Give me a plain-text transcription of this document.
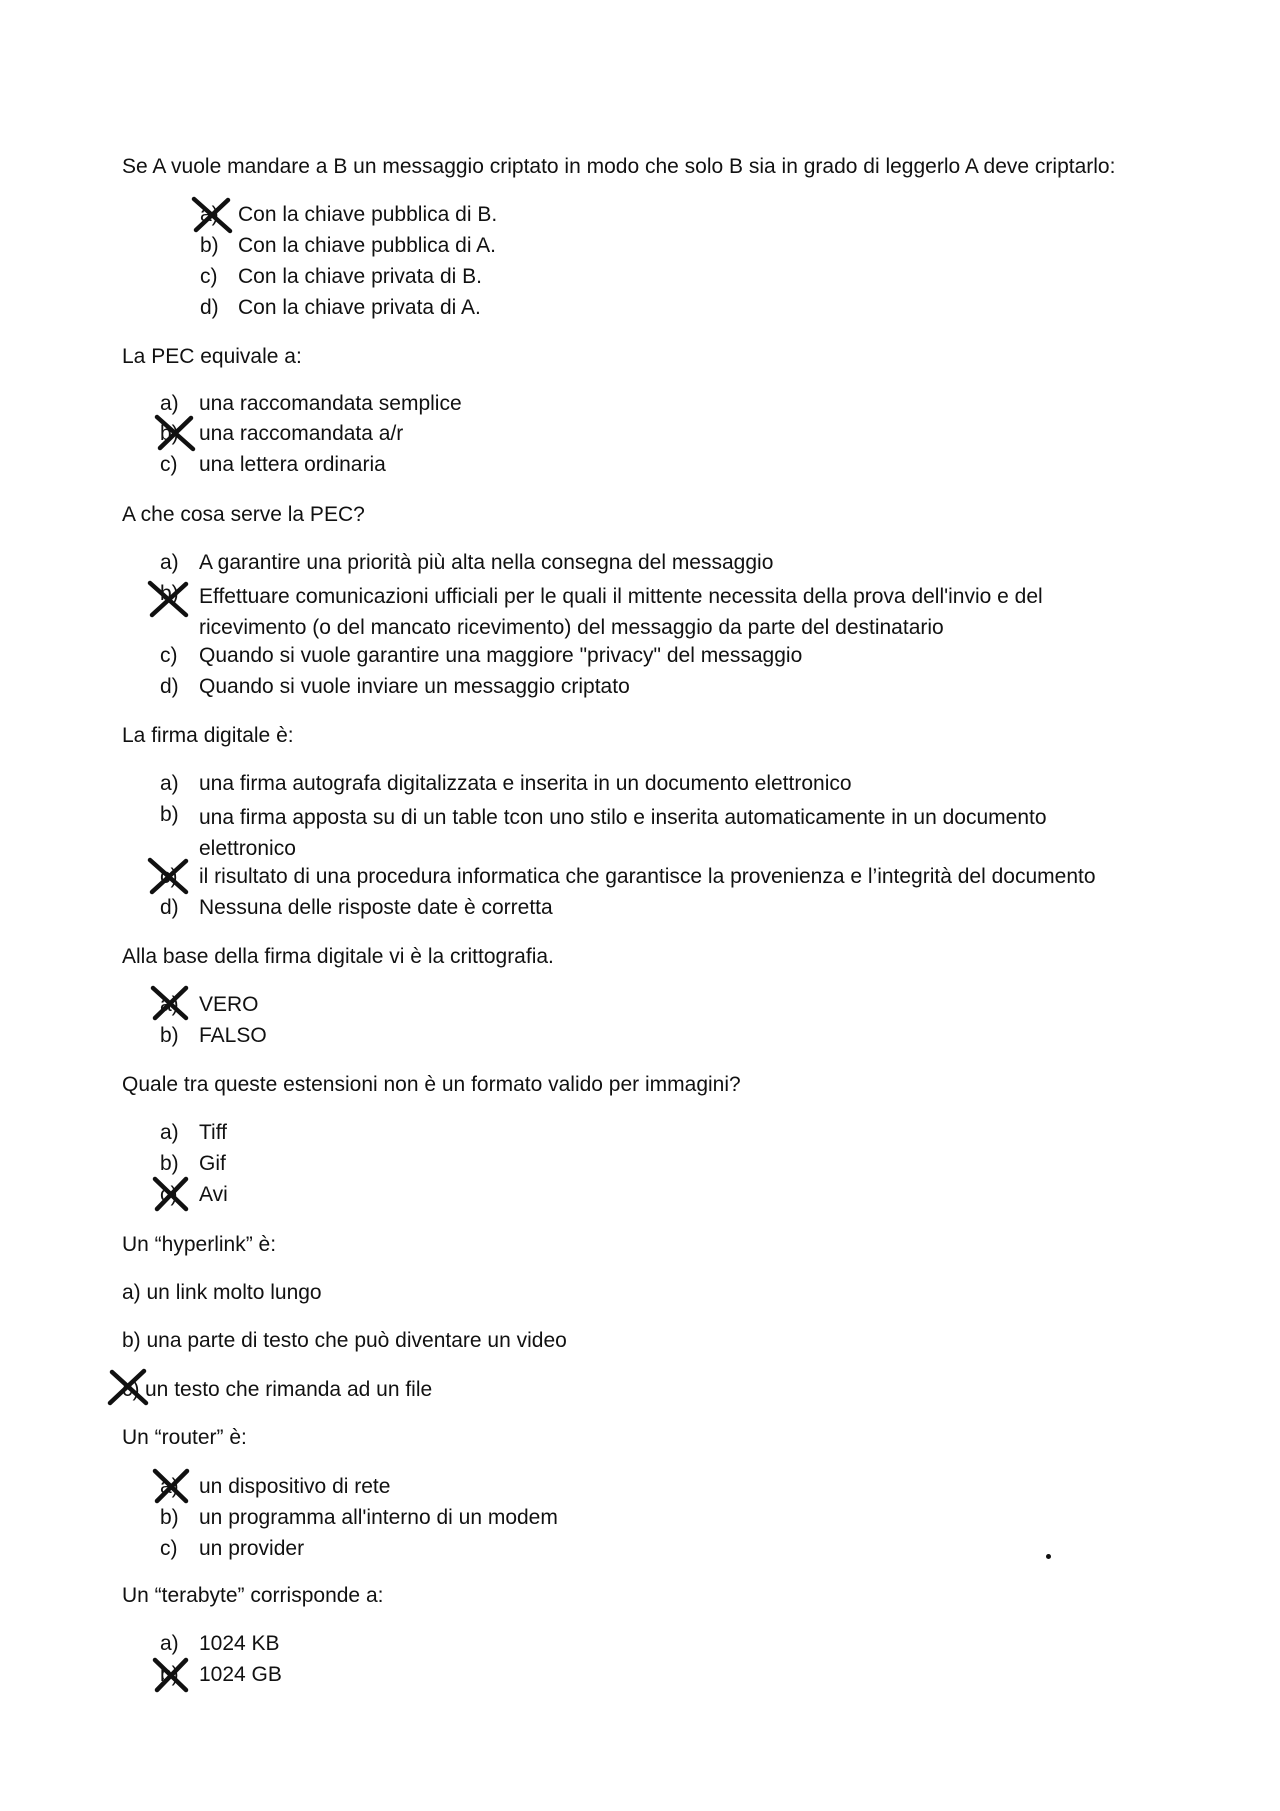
Se A vuole mandare a B un messaggio criptato in modo che solo B sia in grado di leggerlo A deve criptarlo:
a) Con la chiave pubblica di B.
b) Con la chiave pubblica di A.
c) Con la chiave privata di B.
d) Con la chiave privata di A.
La PEC equivale a:
a) una raccomandata semplice
b) una raccomandata a/r
c) una lettera ordinaria
A che cosa serve la PEC?
a) A garantire una priorità più alta nella consegna del messaggio
b) Effettuare comunicazioni ufficiali per le quali il mittente necessita della prova dell'invio e del ricevimento (o del mancato ricevimento) del messaggio da parte del destinatario
c) Quando si vuole garantire una maggiore "privacy" del messaggio
d) Quando si vuole inviare un messaggio criptato
La firma digitale è:
a) una firma autografa digitalizzata e inserita in un documento elettronico
b) una firma apposta su di un table tcon uno stilo e inserita automaticamente in un documento elettronico
c) il risultato di una procedura informatica che garantisce la provenienza e l’integrità del documento
d) Nessuna delle risposte date è corretta
Alla base della firma digitale vi è la crittografia.
a) VERO
b) FALSO
Quale tra queste estensioni non è un formato valido per immagini?
a) Tiff
b) Gif
c) Avi
Un “hyperlink” è:
a) un link molto lungo
b) una parte di testo che può diventare un video
c) un testo che rimanda ad un file
Un “router” è:
a) un dispositivo di rete
b) un programma all'interno di un modem
c) un provider
Un “terabyte” corrisponde a:
a) 1024 KB
b) 1024 GB
